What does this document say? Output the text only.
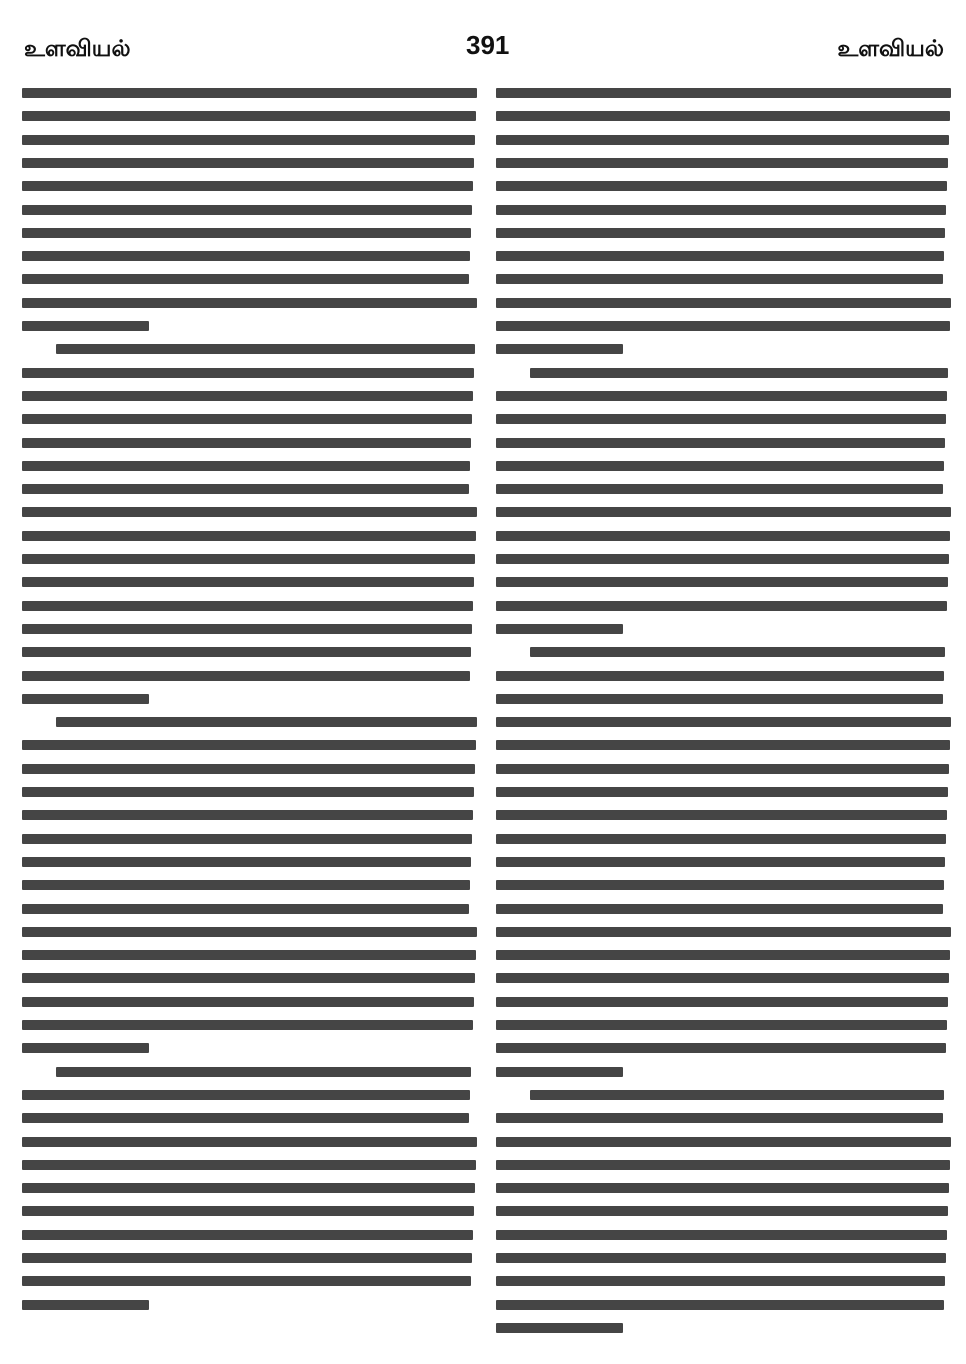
உளவியல்	391	உளவியல்
